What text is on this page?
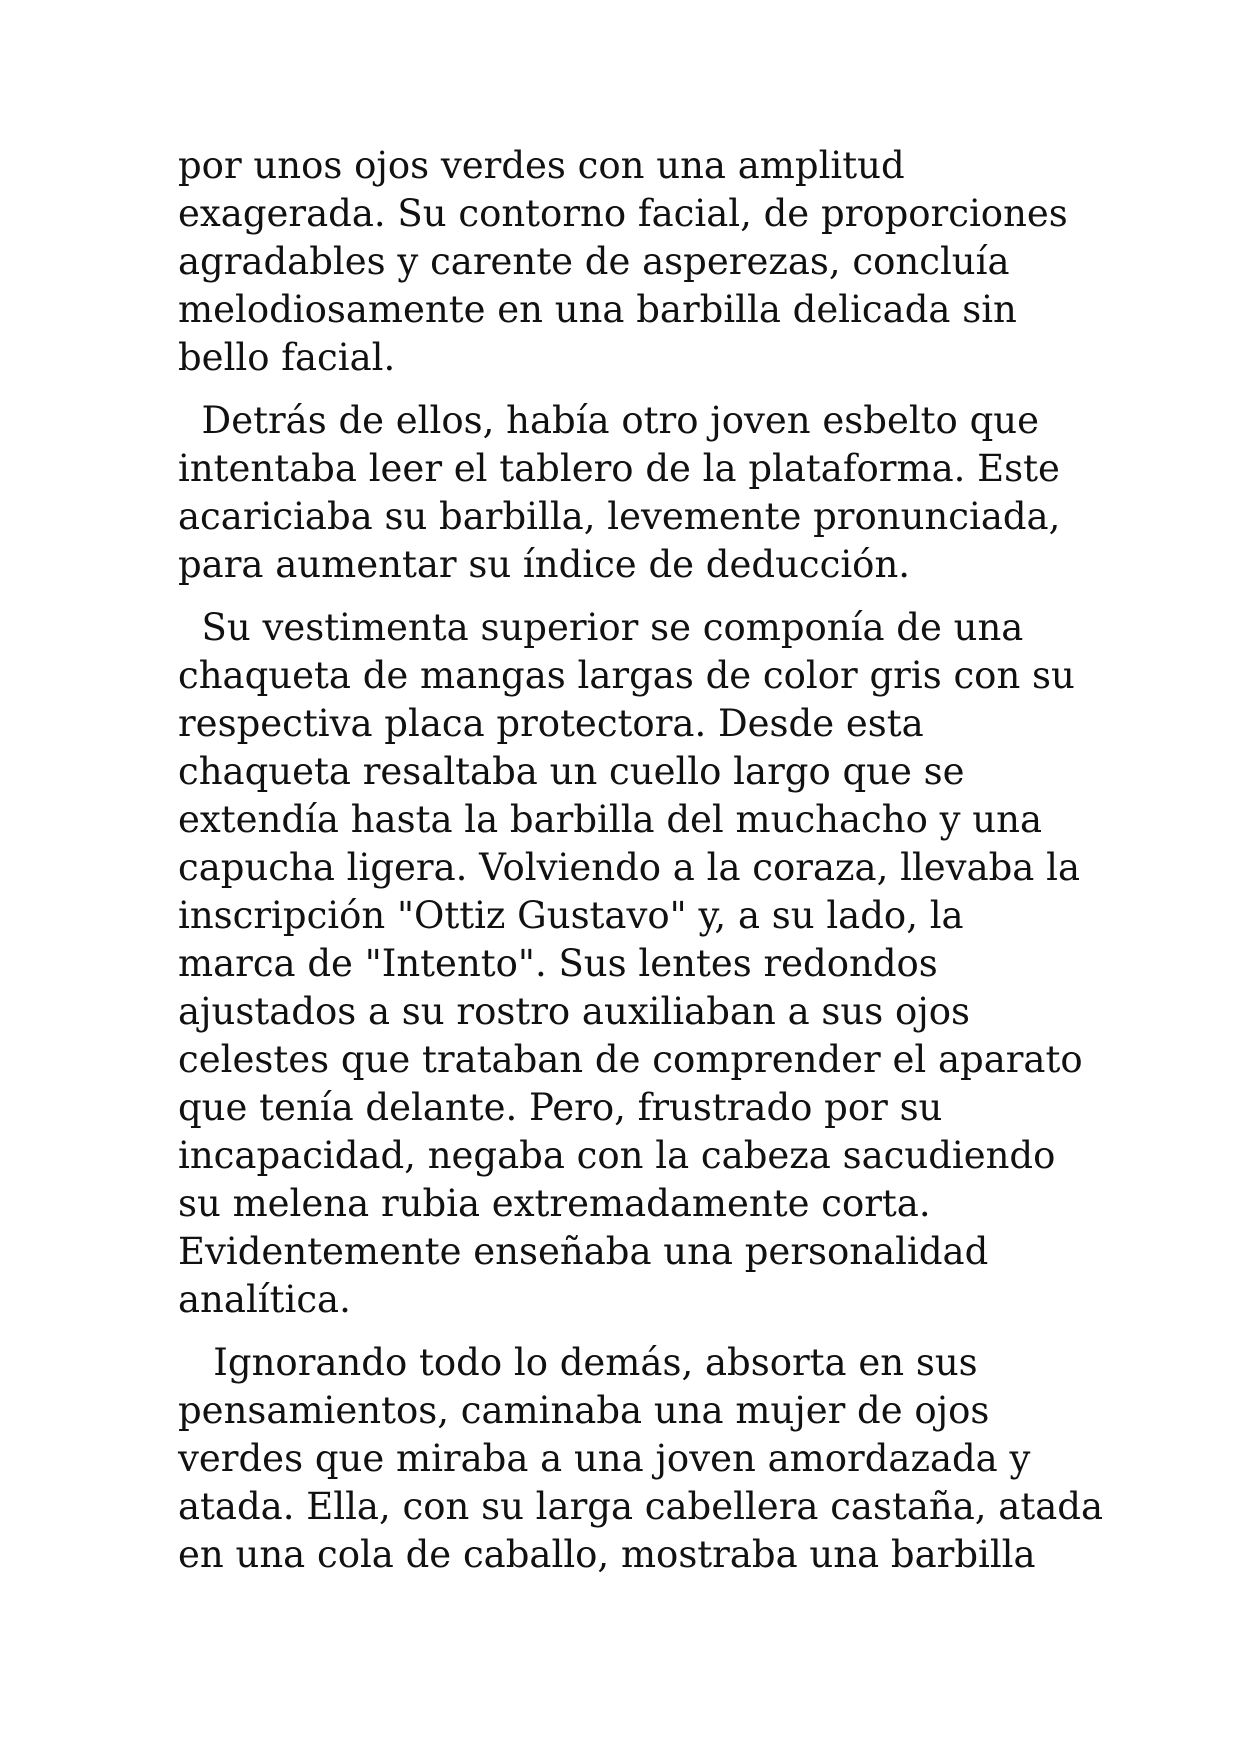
por unos ojos verdes con una amplitud
exagerada. Su contorno facial, de proporciones
agradables y carente de asperezas, concluía
melodiosamente en una barbilla delicada sin
bello facial.

Detrás de ellos, había otro joven esbelto que
intentaba leer el tablero de la plataforma. Este
acariciaba su barbilla, levemente pronunciada,
para aumentar su índice de deducción.

Su vestimenta superior se componía de una
chaqueta de mangas largas de color gris con su
respectiva placa protectora. Desde esta
chaqueta resaltaba un cuello largo que se
extendía hasta la barbilla del muchacho y una
capucha ligera. Volviendo a la coraza, llevaba la
inscripción "Ottiz Gustavo" y, a su lado, la
marca de "Intento". Sus lentes redondos
ajustados a su rostro auxiliaban a sus ojos
celestes que trataban de comprender el aparato
que tenía delante. Pero, frustrado por su
incapacidad, negaba con la cabeza sacudiendo
su melena rubia extremadamente corta.
Evidentemente enseñaba una personalidad
analítica.

Ignorando todo lo demás, absorta en sus
pensamientos, caminaba una mujer de ojos
verdes que miraba a una joven amordazada y
atada. Ella, con su larga cabellera castaña, atada
en una cola de caballo, mostraba una barbilla
